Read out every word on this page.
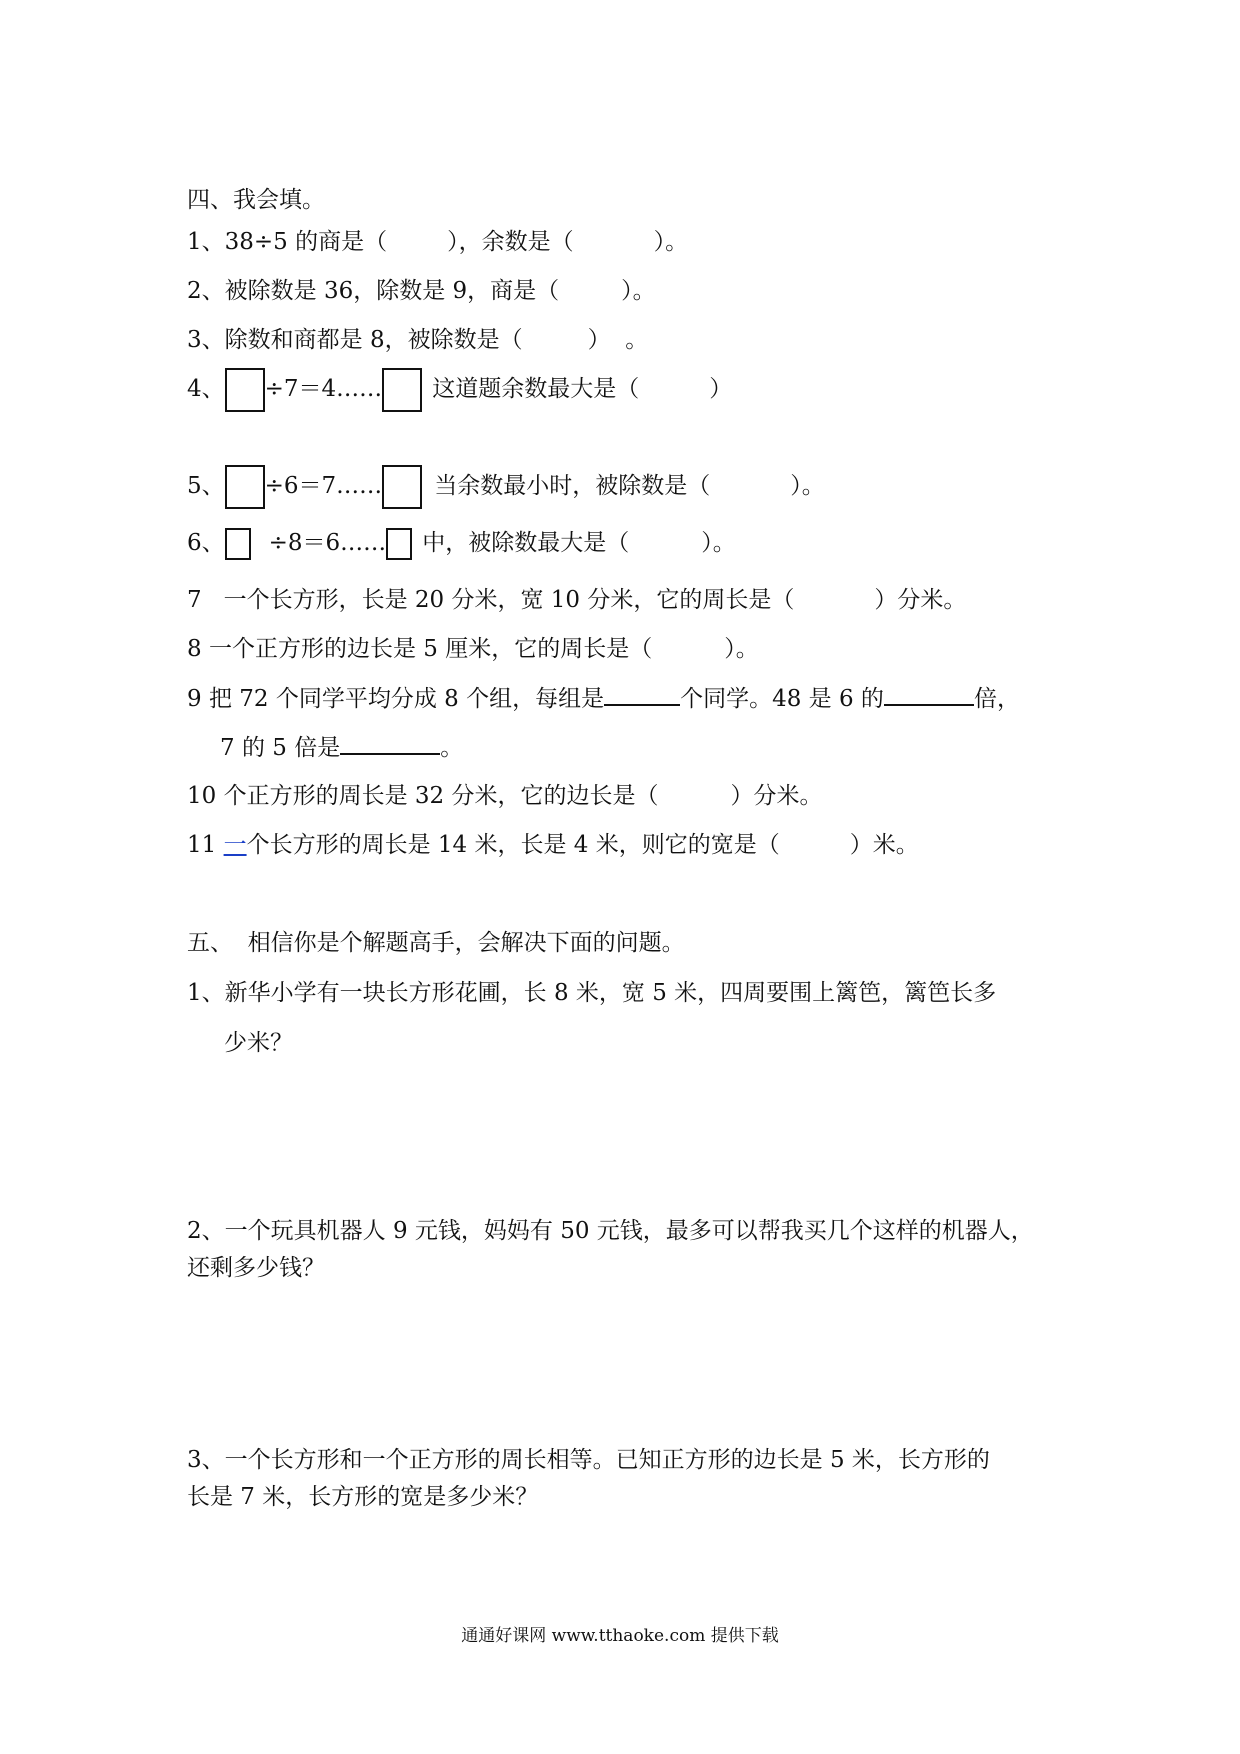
四、我会填。
1、38÷5 的商是（	），余数是（	）。
2、被除数是 36，除数是 9，商是（	）。
3、除数和商都是 8，被除数是（	）  。
4、 ÷7＝4…… 这道题余数最大是（	）
5、 ÷6＝7…… 当余数最小时，被除数是（	）。
6、 ÷8＝6…… 中，被除数最大是（	）。
7   一个长方形，长是 20 分米，宽 10 分米，它的周长是（	）分米。
8 一个正方形的边长是 5 厘米，它的周长是（	）。
9 把 72 个同学平均分成 8 个组，每组是	个同学。48 是 6 的	倍，
7 的 5 倍是	。
10 个正方形的周长是 32 分米，它的边长是（	）分米。
11 一个长方形的周长是 14 米，长是 4 米，则它的宽是（	）米。
五、  相信你是个解题高手，会解决下面的问题。
1、新华小学有一块长方形花圃，长 8 米，宽 5 米，四周要围上篱笆，篱笆长多
少米？
2、一个玩具机器人 9 元钱，妈妈有 50 元钱，最多可以帮我买几个这样的机器人，
还剩多少钱？
3、一个长方形和一个正方形的周长相等。已知正方形的边长是 5 米，长方形的
长是 7 米，长方形的宽是多少米？
通通好课网 www.tthaoke.com 提供下载
